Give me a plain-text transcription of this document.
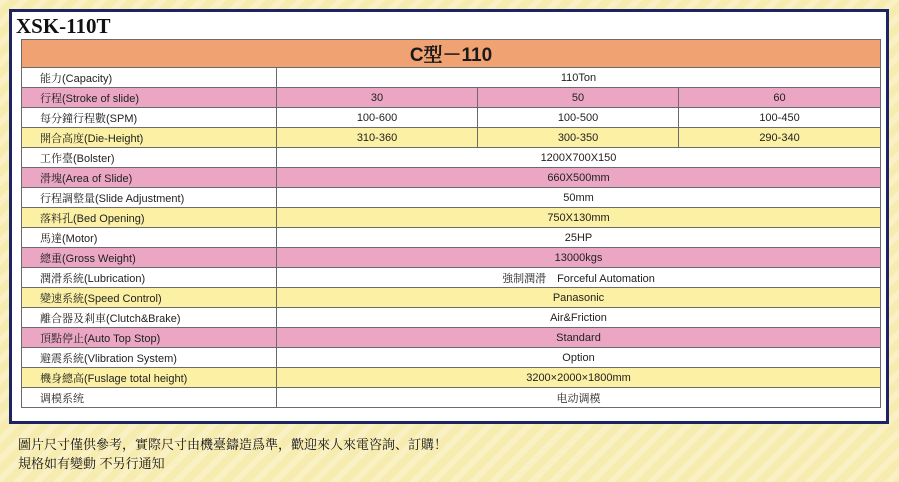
XSK-110T
C型－110			
能力(Capacity)	110Ton		
行程(Stroke of slide)	30	50	60
每分鐘行程數(SPM)	100-600	100-500	100-450
開合高度(Die-Height)	310-360	300-350	290-340
工作臺(Bolster)	1200X700X150		
滑塊(Area of Slide)	660X500mm		
行程調整量(Slide Adjustment)	50mm		
落料孔(Bed Opening)	750X130mm		
馬達(Motor)	25HP		
總重(Gross Weight)	13000kgs		
潤滑系統(Lubrication)	強制潤滑　Forceful Automation		
變速系統(Speed Control)	Panasonic		
離合器及剎車(Clutch&Brake)	Air&Friction		
頂點停止(Auto Top Stop)	Standard		
避震系統(Vlibration System)	Option		
機身總高(Fuslage total height)	3200×2000×1800mm		
调模系统	电动调模		
圖片尺寸僅供參考，實際尺寸由機臺鑄造爲準，歡迎來人來電咨詢、訂購！
規格如有變動 不另行通知
